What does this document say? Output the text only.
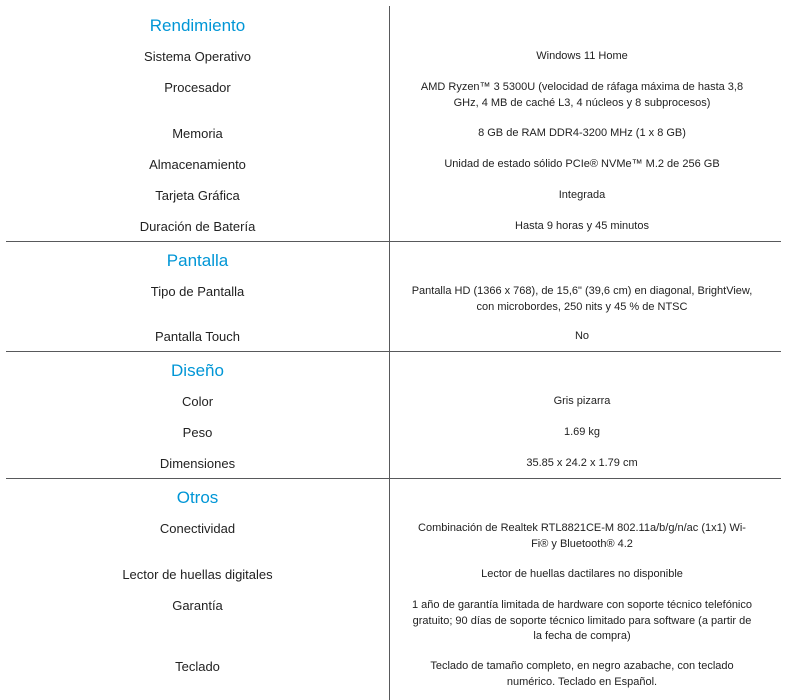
Rendimiento
Sistema Operativo	Windows 11 Home
Procesador	AMD Ryzen™ 3 5300U (velocidad de ráfaga máxima de hasta 3,8 GHz, 4 MB de caché L3, 4 núcleos y 8 subprocesos)
Memoria	8 GB de RAM DDR4-3200 MHz (1 x 8 GB)
Almacenamiento	Unidad de estado sólido PCIe® NVMe™ M.2 de 256 GB
Tarjeta Gráfica	Integrada
Duración de Batería	Hasta 9 horas y 45 minutos
Pantalla
Tipo de Pantalla	Pantalla HD (1366 x 768), de 15,6" (39,6 cm) en diagonal, BrightView, con microbordes, 250 nits y 45 % de NTSC
Pantalla Touch	No
Diseño
Color	Gris pizarra
Peso	1.69 kg
Dimensiones	35.85 x 24.2 x 1.79 cm
Otros
Conectividad	Combinación de Realtek RTL8821CE-M 802.11a/b/g/n/ac (1x1) Wi-Fi® y Bluetooth® 4.2
Lector de huellas digitales	Lector de huellas dactilares no disponible
Garantía	1 año de garantía limitada de hardware con soporte técnico telefónico gratuito; 90 días de soporte técnico limitado para software (a partir de la fecha de compra)
Teclado	Teclado de tamaño completo, en negro azabache, con teclado numérico. Teclado en Español.
